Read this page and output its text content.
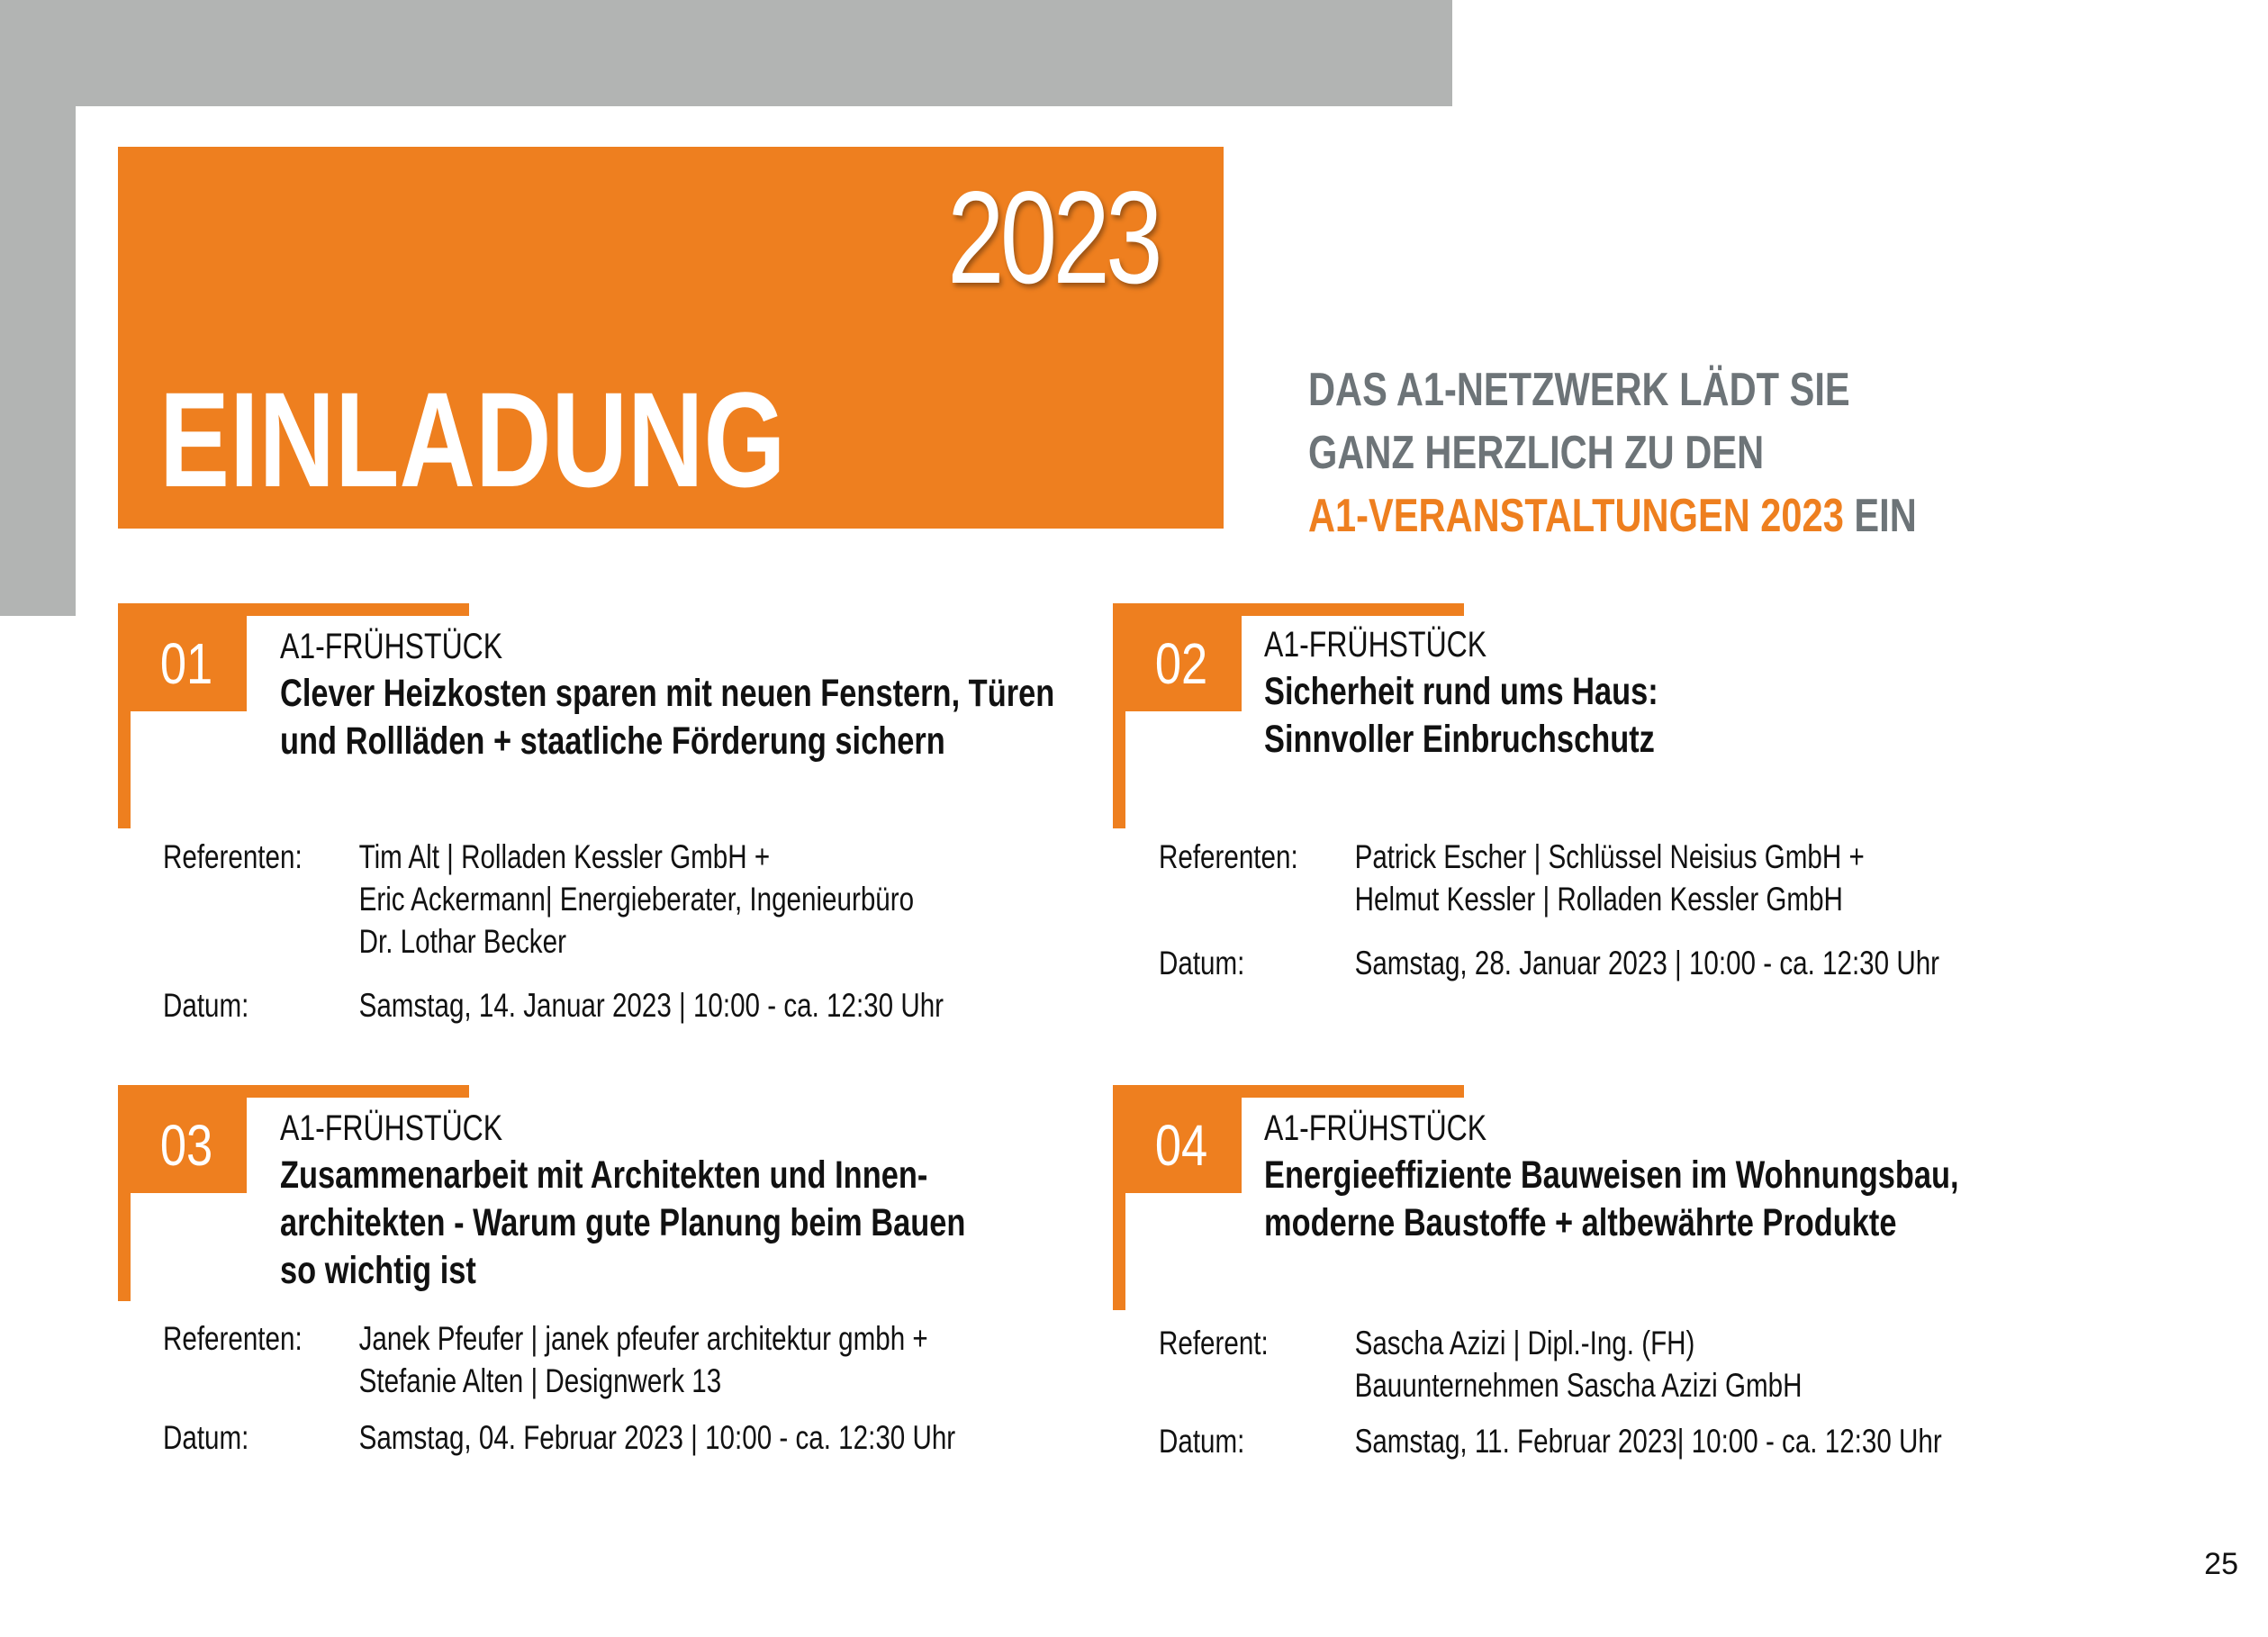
25
2023
EINLADUNG	DAS A1-NETZWERK LÄDT SIE
GANZ HERZLICH ZU DEN
A1-VERANSTALTUNGEN 2023 EIN
01	A1-FRÜHSTÜCK
Clever Heizkosten sparen mit neuen Fenstern, Türen
und Rollläden + staatliche Förderung sichern
Referenten: Tim Alt | Rolladen Kessler GmbH +
Eric Ackermann| Energieberater, Ingenieurbüro
Dr. Lothar Becker
Datum:	Samstag, 14. Januar 2023 | 10:00 - ca. 12:30 Uhr
02	A1-FRÜHSTÜCK
Sicherheit rund ums Haus:
Sinnvoller Einbruchschutz
Referenten: Patrick Escher | Schlüssel Neisius GmbH +
Helmut Kessler | Rolladen Kessler GmbH
Datum:	Samstag, 28. Januar 2023 | 10:00 - ca. 12:30 Uhr
03	A1-FRÜHSTÜCK
Zusammenarbeit mit Architekten und Innen-
architekten - Warum gute Planung beim Bauen
so wichtig ist
Referenten: Janek Pfeufer | janek pfeufer architektur gmbh +
Stefanie Alten | Designwerk 13
Datum:	Samstag, 04. Februar 2023 | 10:00 - ca. 12:30 Uhr
04	A1-FRÜHSTÜCK
Energieeffiziente Bauweisen im Wohnungsbau,
moderne Baustoffe + altbewährte Produkte
Referent:	Sascha Azizi | Dipl.-Ing. (FH)
Bauunternehmen Sascha Azizi GmbH
Datum:	Samstag, 11. Februar 2023| 10:00 - ca. 12:30 Uhr
